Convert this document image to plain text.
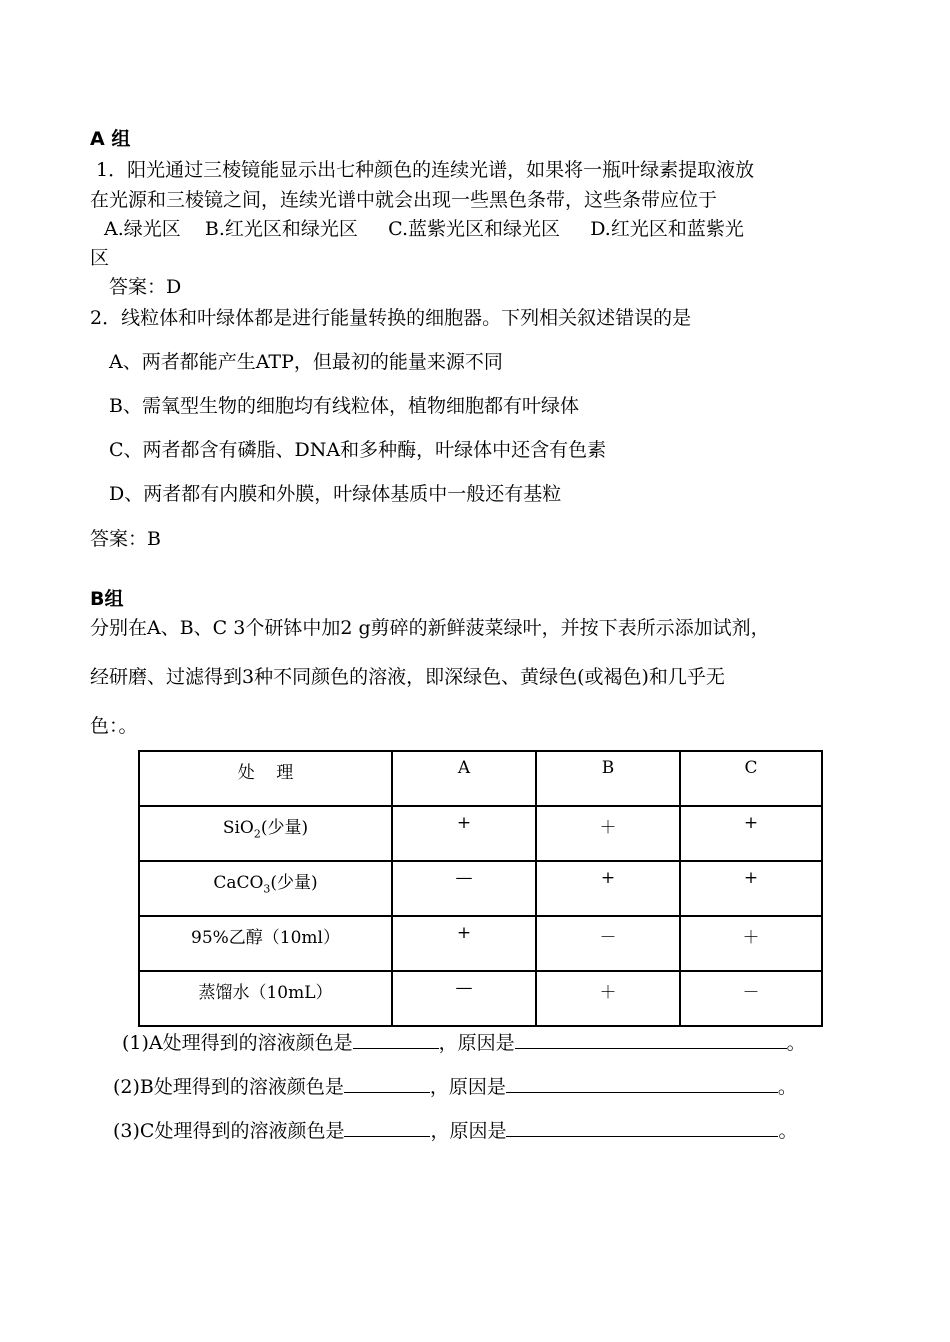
A 组
1．阳光通过三棱镜能显示出七种颜色的连续光谱，如果将一瓶叶绿素提取液放
在光源和三棱镜之间，连续光谱中就会出现一些黑色条带，这些条带应位于
A.绿光区    B.红光区和绿光区     C.蓝紫光区和绿光区     D.红光区和蓝紫光
区
答案：D
2．线粒体和叶绿体都是进行能量转换的细胞器。下列相关叙述错误的是
A、两者都能产生ATP，但最初的能量来源不同
B、需氧型生物的细胞均有线粒体，植物细胞都有叶绿体
C、两者都含有磷脂、DNA和多种酶，叶绿体中还含有色素
D、两者都有内膜和外膜，叶绿体基质中一般还有基粒
答案：B
B组
分别在A、B、C 3个研钵中加2 g剪碎的新鲜菠菜绿叶，并按下表所示添加试剂，
经研磨、过滤得到3种不同颜色的溶液，即深绿色、黄绿色(或褐色)和几乎无
色：。
处    理	A	B	C
SiO$_2$(少量)	+	＋	+
CaCO$_3$(少量)	—	+	+
95%乙醇（10ml）	+	－	＋
蒸馏水（10mL）	—	＋	－
(1)A处理得到的溶液颜色是	，原因是	。
(2)B处理得到的溶液颜色是	，原因是	。
(3)C处理得到的溶液颜色是	，原因是	。
